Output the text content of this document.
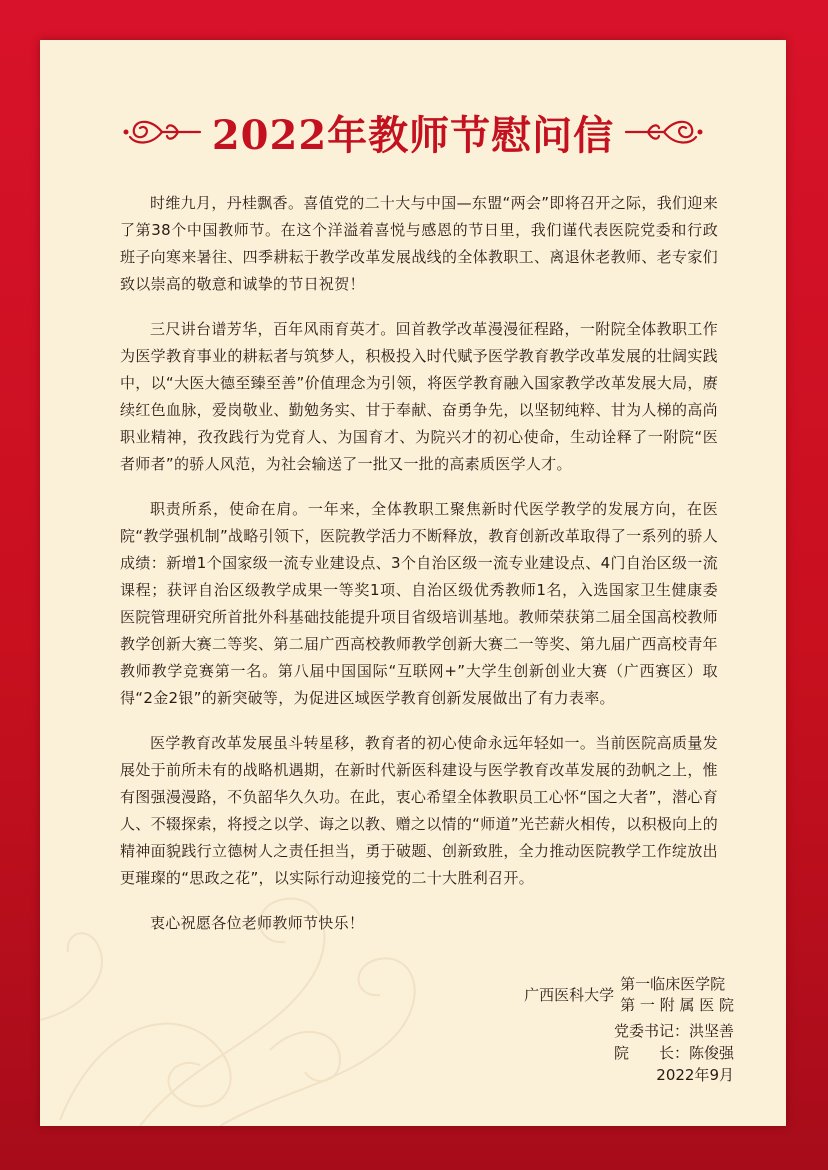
2022年教师节慰问信

时维九月，丹桂飘香。喜值党的二十大与中国—东盟“两会”即将召开之际，我们迎来了第38个中国教师节。在这个洋溢着喜悦与感恩的节日里，我们谨代表医院党委和行政班子向寒来暑往、四季耕耘于教学改革发展战线的全体教职工、离退休老教师、老专家们致以崇高的敬意和诚挚的节日祝贺！

三尺讲台谱芳华，百年风雨育英才。回首教学改革漫漫征程路，一附院全体教职工作为医学教育事业的耕耘者与筑梦人，积极投入时代赋予医学教育教学改革发展的壮阔实践中，以“大医大德至臻至善”价值理念为引领，将医学教育融入国家教学改革发展大局，赓续红色血脉，爱岗敬业、勤勉务实、甘于奉献、奋勇争先，以坚韧纯粹、甘为人梯的高尚职业精神，孜孜践行为党育人、为国育才、为院兴才的初心使命，生动诠释了一附院“医者师者”的骄人风范，为社会输送了一批又一批的高素质医学人才。

职责所系，使命在肩。一年来，全体教职工聚焦新时代医学教学的发展方向，在医院“教学强机制”战略引领下，医院教学活力不断释放，教育创新改革取得了一系列的骄人成绩：新增1个国家级一流专业建设点、3个自治区级一流专业建设点、4门自治区级一流课程；获评自治区级教学成果一等奖1项、自治区级优秀教师1名，入选国家卫生健康委医院管理研究所首批外科基础技能提升项目省级培训基地。教师荣获第二届全国高校教师教学创新大赛二等奖、第二届广西高校教师教学创新大赛二一等奖、第九届广西高校青年教师教学竞赛第一名。第八届中国国际“互联网+”大学生创新创业大赛（广西赛区）取得“2金2银”的新突破等，为促进区域医学教育创新发展做出了有力表率。

医学教育改革发展虽斗转星移，教育者的初心使命永远年轻如一。当前医院高质量发展处于前所未有的战略机遇期，在新时代新医科建设与医学教育改革发展的劲帆之上，惟有图强漫漫路，不负韶华久久功。在此，衷心希望全体教职员工心怀“国之大者”，潜心育人、不辍探索，将授之以学、诲之以教、赠之以情的“师道”光芒薪火相传，以积极向上的精神面貌践行立德树人之责任担当，勇于破题、创新致胜，全力推动医院教学工作绽放出更璀璨的“思政之花”，以实际行动迎接党的二十大胜利召开。

衷心祝愿各位老师教师节快乐！

广西医科大学
第一临床医学院
第 一 附 属 医 院
党委书记：洪坚善
院　　长：陈俊强
2022年9月
